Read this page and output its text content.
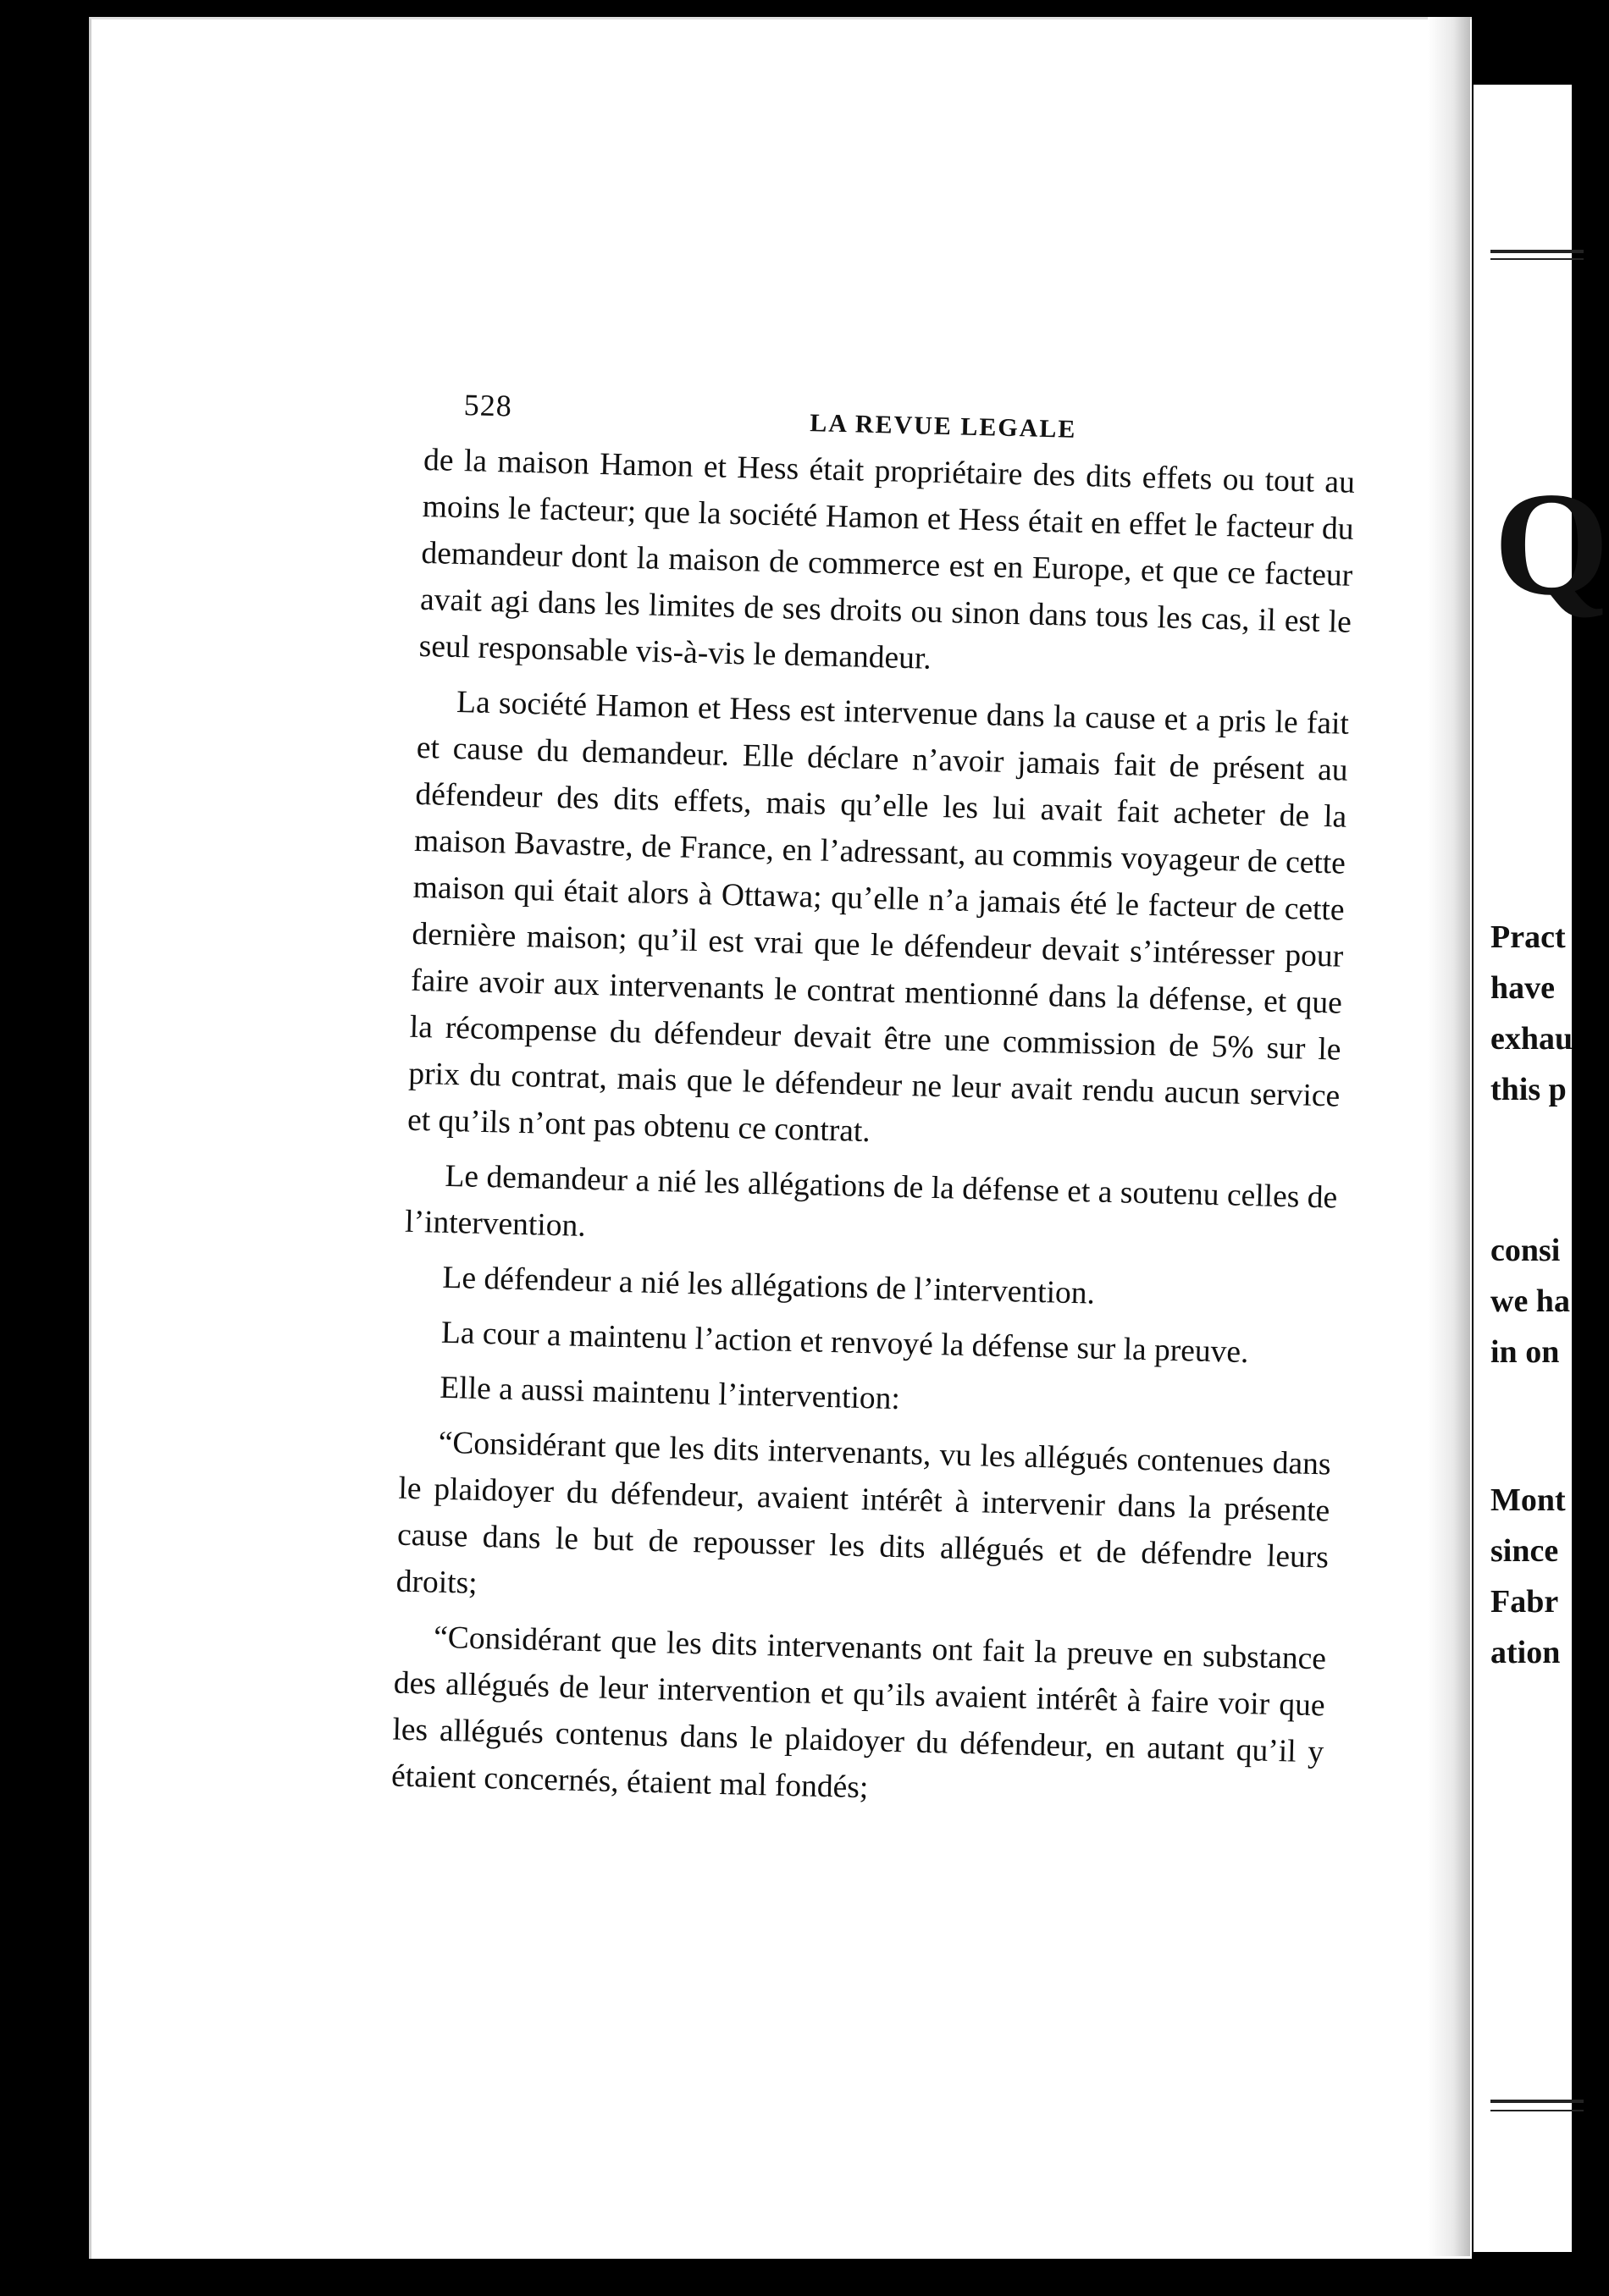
528
LA REVUE LEGALE

de la maison Hamon et Hess était propriétaire des dits effets ou tout au moins le facteur; que la société Hamon et Hess était en effet le facteur du demandeur dont la maison de commerce est en Europe, et que ce facteur avait agi dans les limites de ses droits ou sinon dans tous les cas, il est le seul responsable vis-à-vis le demandeur.

La société Hamon et Hess est intervenue dans la cause et a pris le fait et cause du demandeur. Elle déclare n’avoir jamais fait de présent au défendeur des dits effets, mais qu’elle les lui avait fait acheter de la maison Bavastre, de France, en l’adressant, au commis voyageur de cette maison qui était alors à Ottawa; qu’elle n’a jamais été le facteur de cette dernière maison; qu’il est vrai que le défendeur devait s’intéresser pour faire avoir aux intervenants le contrat mentionné dans la défense, et que la récompense du défendeur devait être une commission de 5% sur le prix du contrat, mais que le défendeur ne leur avait rendu aucun service et qu’ils n’ont pas obtenu ce contrat.

Le demandeur a nié les allégations de la défense et a soutenu celles de l’intervention.

Le défendeur a nié les allégations de l’intervention.

La cour a maintenu l’action et renvoyé la défense sur la preuve.

Elle a aussi maintenu l’intervention:

“Considérant que les dits intervenants, vu les allégués contenues dans le plaidoyer du défendeur, avaient intérêt à intervenir dans la présente cause dans le but de repousser les dits allégués et de défendre leurs droits;

“Considérant que les dits intervenants ont fait la preuve en substance des allégués de leur intervention et qu’ils avaient intérêt à faire voir que les allégués contenus dans le plaidoyer du défendeur, en autant qu’il y étaient concernés, étaient mal fondés;

Q
Pract
have
exhau
this p
consi
we ha
in on
Mont
since
Fabr
ation
